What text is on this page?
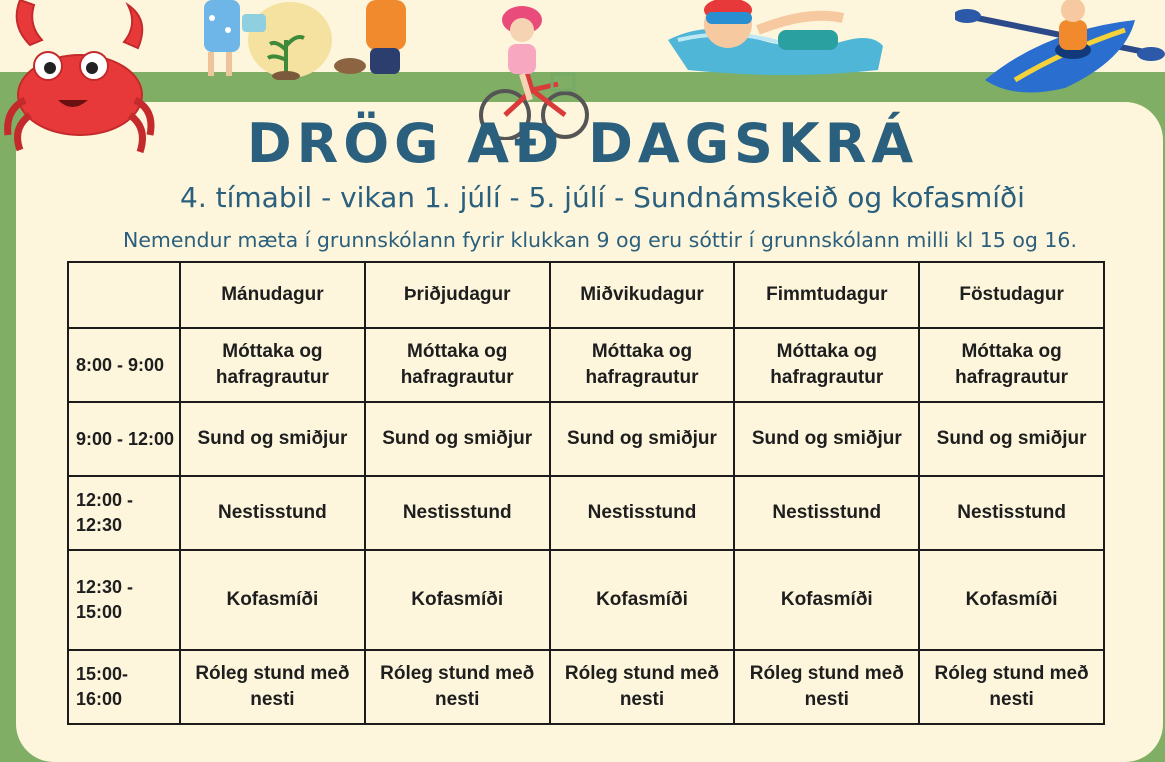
DRÖG AÐ DAGSKRÁ
4. tímabil - vikan 1. júlí - 5. júlí - Sundnámskeið og kofasmíði
Nemendur mæta í grunnskólann fyrir klukkan 9 og eru sóttir í grunnskólann milli kl 15 og 16.
	Mánudagur	Þriðjudagur	Miðvikudagur	Fimmtudagur	Föstudagur
8:00 - 9:00	Móttaka og hafragrautur	Móttaka og hafragrautur	Móttaka og hafragrautur	Móttaka og hafragrautur	Móttaka og hafragrautur
9:00 - 12:00	Sund og smiðjur	Sund og smiðjur	Sund og smiðjur	Sund og smiðjur	Sund og smiðjur
12:00 - 12:30	Nestisstund	Nestisstund	Nestisstund	Nestisstund	Nestisstund
12:30 - 15:00	Kofasmíði	Kofasmíði	Kofasmíði	Kofasmíði	Kofasmíði
15:00- 16:00	Róleg stund með nesti	Róleg stund með nesti	Róleg stund með nesti	Róleg stund með nesti	Róleg stund með nesti
